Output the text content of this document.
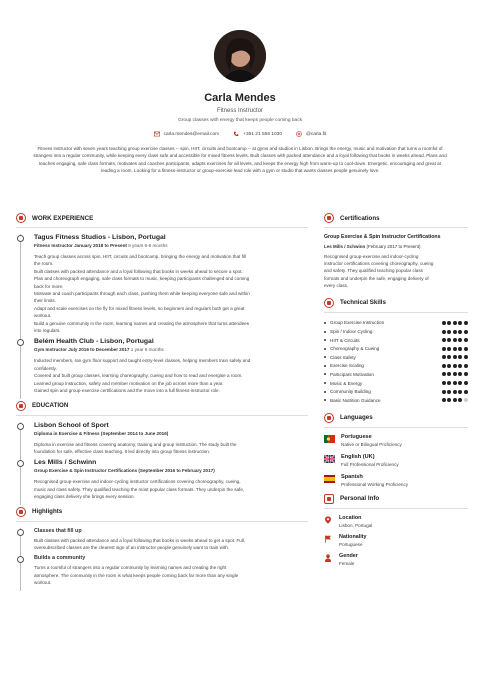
Carla Mendes
Fitness Instructor
Group classes with energy that keeps people coming back
carla.mendes@email.com	+351 21 555 1030	@carla.fit
Fitness instructor with seven years teaching group exercise classes -- spin, HIIT, circuits and bootcamp -- at gyms and studios in Lisbon. Brings the energy, music and motivation that turns a roomful of strangers into a regular community, while keeping every class safe and accessible for mixed fitness levels. Built classes with packed attendance and a loyal following that books in weeks ahead. Plans and teaches engaging, safe class formats, motivates and coaches participants, adapts exercises for all levels, and keeps the energy high from warm-up to cool-down. Energetic, encouraging and great at reading a room. Looking for a fitness-instructor or group-exercise lead role with a gym or studio that wants classes people genuinely love.
WORK EXPERIENCE
Tagus Fitness Studios - Lisbon, Portugal
Fitness Instructor January 2018 to Present 8 years 6-8 months
Teach group classes across spin, HIIT, circuits and bootcamp, bringing the energy and motivation that fill
the room.
Built classes with packed attendance and a loyal following that books in weeks ahead to secure a spot.
Plan and choreograph engaging, safe class formats to music, keeping participants challenged and coming
back for more.
Motivate and coach participants through each class, pushing them while keeping everyone safe and within
their limits.
Adapt and scale exercises on the fly for mixed fitness levels, so beginners and regulars both get a great
workout.
Build a genuine community in the room, learning names and creating the atmosphere that turns attendees
into regulars.
Belém Health Club - Lisbon, Portugal
Gym Instructor July 2016 to December 2017 1 year 6 months
Inducted members, ran gym floor support and taught entry-level classes, helping members train safely and
confidently.
Covered and built group classes, learning choreography, cueing and how to read and energise a room.
Learned group instruction, safety and member motivation on the job across more than a year.
Gained spin and group-exercise certifications and the move into a full fitness-instructor role.
EDUCATION
Lisbon School of Sport
Diploma in Exercise & Fitness (September 2014 to June 2016)
Diploma in exercise and fitness covering anatomy, training and group instruction. The study built the
foundation for safe, effective class teaching. It led directly into group fitness instruction.
Les Mills / Schwinn
Group Exercise & Spin Instructor Certifications (September 2016 to February 2017)
Recognised group-exercise and indoor-cycling instructor certifications covering choreography, cueing,
music and class safety. They qualified teaching the most popular class formats. They underpin the safe,
engaging class delivery she brings every session.
Highlights
Classes that fill up
Built classes with packed attendance and a loyal following that books in weeks ahead to get a spot. Full,
oversubscribed classes are the clearest sign of an instructor people genuinely want to train with.
Builds a community
Turns a roomful of strangers into a regular community by learning names and creating the right
atmosphere. The community in the room is what keeps people coming back far more than any single
workout.
Certifications
Group Exercise & Spin Instructor Certifications
Les Mills / Schwinn (February 2017 to Present)
Recognised group-exercise and indoor-cycling
instructor certifications covering choreography, cueing
and safety. They qualified teaching popular class
formats and underpin the safe, engaging delivery of
every class.
Technical Skills
Group Exercise Instruction
Spin / Indoor Cycling
HIIT & Circuits
Choreography & Cueing
Class Safety
Exercise Scaling
Participant Motivation
Music & Energy
Community Building
Basic Nutrition Guidance
Languages
Portuguese
Native or Bilingual Proficiency
English (UK)
Full Professional Proficiency
Spanish
Professional Working Proficiency
Personal Info
Location
Lisbon, Portugal
Nationality
Portuguese
Gender
Female
